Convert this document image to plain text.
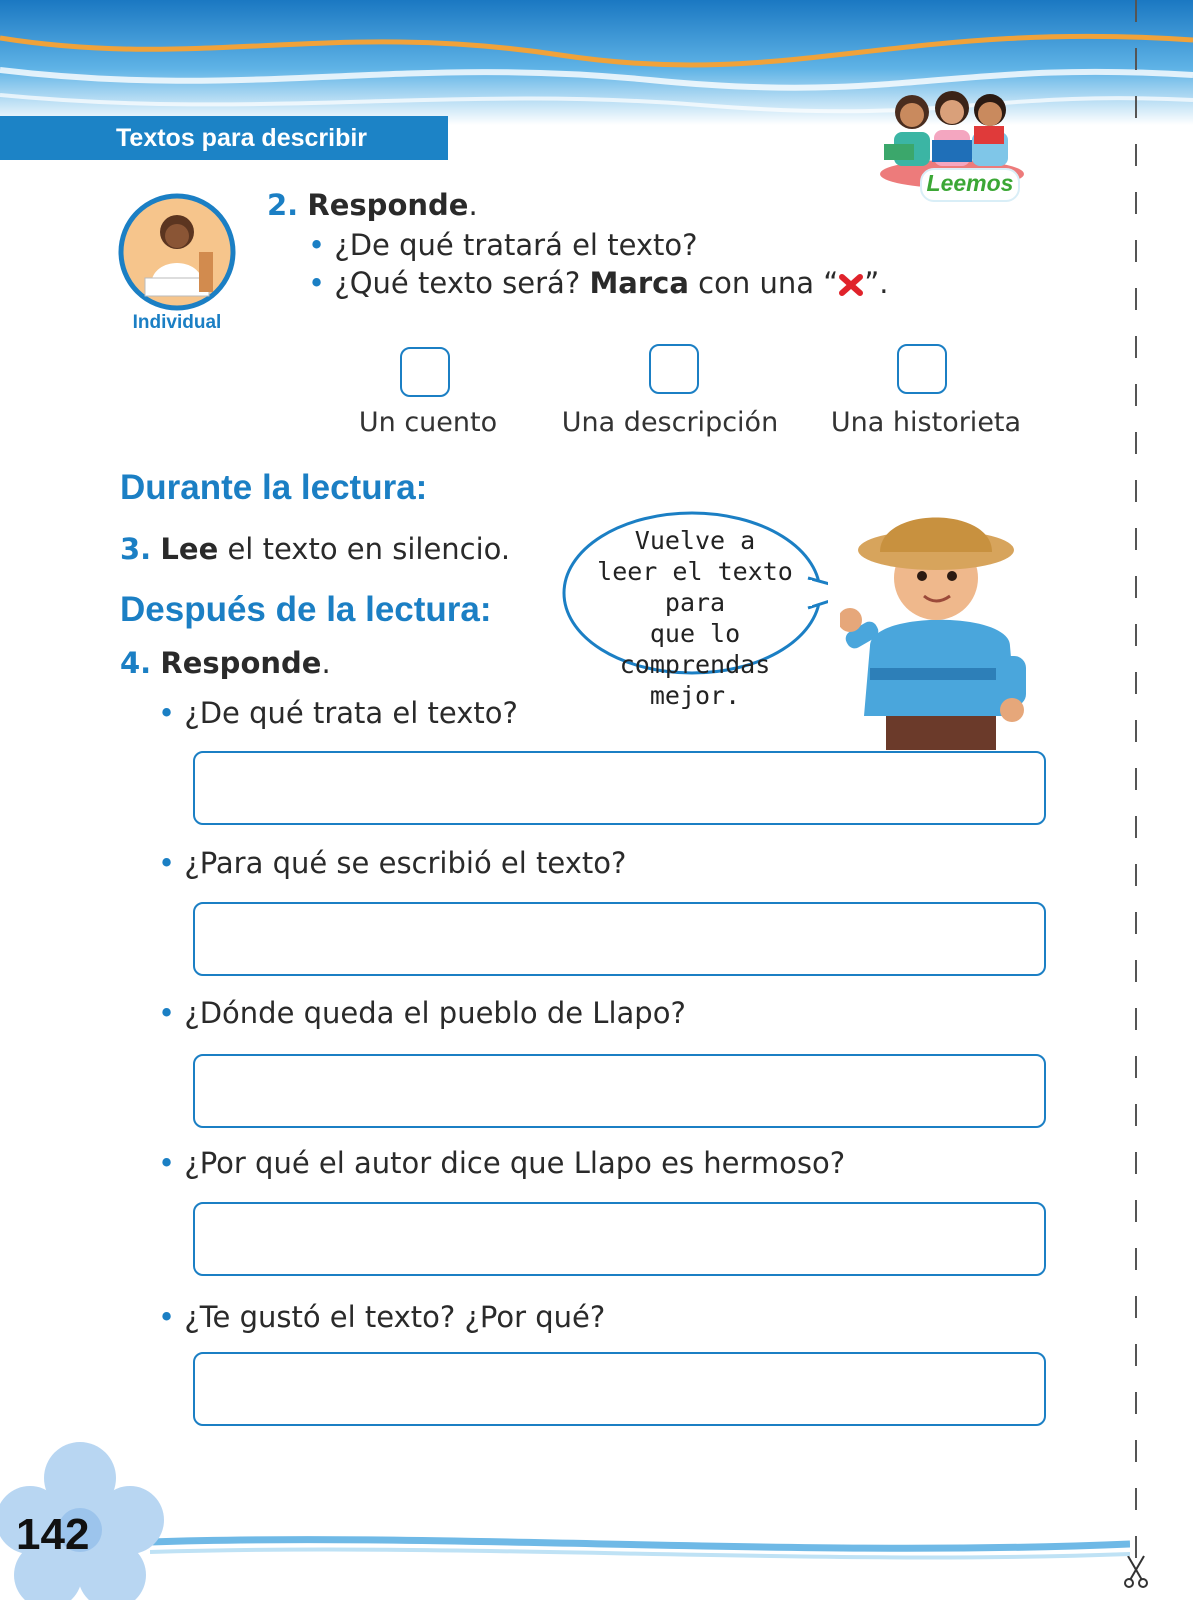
Textos para describir
Leemos
Individual
2. Responde.
• ¿De qué tratará el texto?
• ¿Qué texto será? Marca con una “ ”.
Un cuento	Una descripción	Una historieta
Durante la lectura:
3. Lee el texto en silencio.
Después de la lectura:
Vuelve a
leer el texto para
que lo comprendas
mejor.
4. Responde.
• ¿De qué trata el texto?
• ¿Para qué se escribió el texto?
• ¿Dónde queda el pueblo de Llapo?
• ¿Por qué el autor dice que Llapo es hermoso?
• ¿Te gustó el texto? ¿Por qué?
142
